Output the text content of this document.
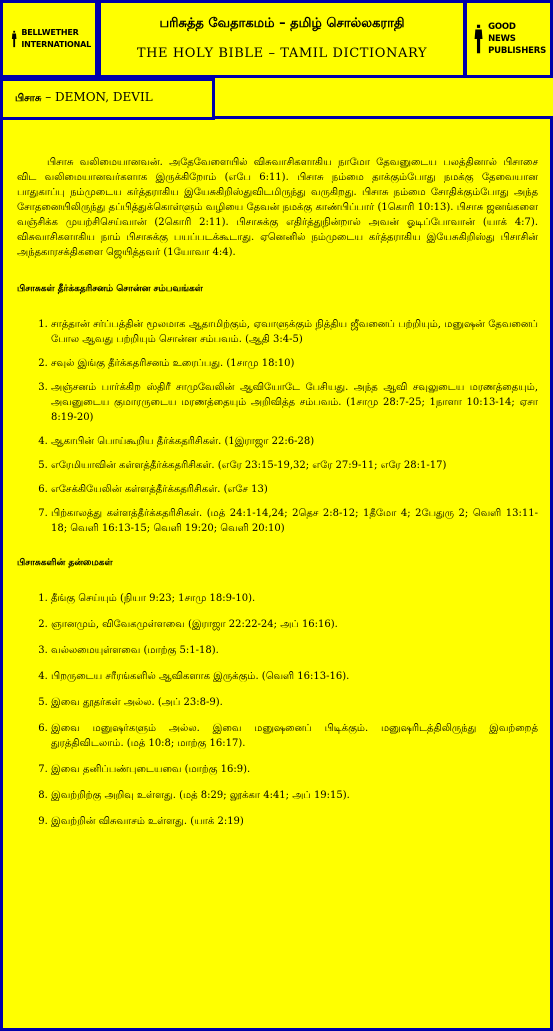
BELLWETHER
INTERNATIONAL
பரிசுத்த வேதாகமம் – தமிழ் சொல்லகராதி
THE HOLY BIBLE – TAMIL DICTIONARY
GOOD NEWS
PUBLISHERS

பிசாசு வலிமையானவன். அதேவேளையில் விசுவாசிகளாகிய நாமோ தேவனுடைய பலத்தினால் பிசாசை விட வலிமையானவர்களாக இருக்கிறோம் (எபே 6:11). பிசாசு நம்மை தாக்கும்போது நமக்கு தேவையான பாதுகாப்பு நம்முடைய கர்த்தராகிய இயேசுகிறிஸ்துவிடமிருந்து வருகிறது. பிசாசு நம்மை சோதிக்கும்போது அந்த சோதனையிலிருந்து தப்பித்துக்கொள்ளும் வழியை தேவன் நமக்கு காண்பிப்பார் (1கொரி 10:13). பிசாசு ஜனங்களை வஞ்சிக்க முயற்சிசெய்வான் (2கொரி 2:11). பிசாசுக்கு எதிர்த்துநின்றால் அவன் ஓடிப்போவான் (யாக் 4:7). விசுவாசிகளாகிய நாம் பிசாசுக்கு பயப்படக்கூடாது. ஏனெனில் நம்முடைய கர்த்தராகிய இயேசுகிறிஸ்து பிசாசின் அந்தகாரசக்திகளை ஜெயித்தவர் (1யோவா 4:4).

பிசாசுகள் தீர்க்கதரிசனம் சொன்ன சம்பவங்கள்

1. சாத்தான் சர்ப்பத்தின் மூலமாக ஆதாமிற்கும், ஏவாளுக்கும் நித்திய ஜீவனைப் பற்றியும், மனுஷன் தேவனைப் போல ஆவது பற்றியும் சொன்ன சம்பவம். (ஆதி 3:4-5)
2. சவுல் இங்கு தீர்க்கதரிசனம் உரைப்பது. (1சாமு 18:10)
3. அஞ்சனம் பார்க்கிற ஸ்திரீ சாமுவேலின் ஆவியோடே பேசியது. அந்த ஆவி சவுலுடைய மரணத்தையும், அவனுடைய குமாரருடைய மரணத்தையும் அறிவித்த சம்பவம். (1சாமு 28:7-25; 1நாளா 10:13-14; ஏசா 8:19-20)
4. ஆகாபின் பொய்கூறிய தீர்க்கதரிசிகள். (1இராஜா 22:6-28)
5. எரேமியாவின் கள்ளத்தீர்க்கதரிசிகள். (எரே 23:15-19,32; எரே 27:9-11; எரே 28:1-17)
6. எசேக்கியேலின் கள்ளத்தீர்க்கதரிசிகள். (எசே 13)
7. பிற்காலத்து கள்ளத்தீர்க்கதரிசிகள். (மத் 24:1-14,24; 2தெச 2:8-12; 1தீமோ 4; 2பேதுரு 2; வெளி 13:11-18; வெளி 16:13-15; வெளி 19:20; வெளி 20:10)

பிசாசுகளின் தன்மைகள்

1. தீங்கு செய்யும் (நியா 9:23; 1சாமு 18:9-10).
2. ஞானமும், விவேகமுள்ளவை (இராஜா 22:22-24; அப் 16:16).
3. வல்லமையுள்ளவை (மாற்கு 5:1-18).
4. பிறருடைய சரீரங்களில் ஆவிகளாக இருக்கும். (வெளி 16:13-16).
5. இவை தூதர்கள் அல்ல. (அப் 23:8-9).
6. இவை மனுஷர்களும் அல்ல. இவை மனுஷனைப் பிடிக்கும். மனுஷரிடத்திலிருந்து இவற்றைத் துரத்திவிடலாம். (மத் 10:8; மாற்கு 16:17).
7. இவை தனிப்பண்புடையவை (மாற்கு 16:9).
8. இவற்றிற்கு அறிவு உள்ளது. (மத் 8:29; லூக்கா 4:41; அப் 19:15).
9. இவற்றின் விசுவாசம் உள்ளது. (யாக் 2:19)
பிசாசு – DEMON, DEVIL
